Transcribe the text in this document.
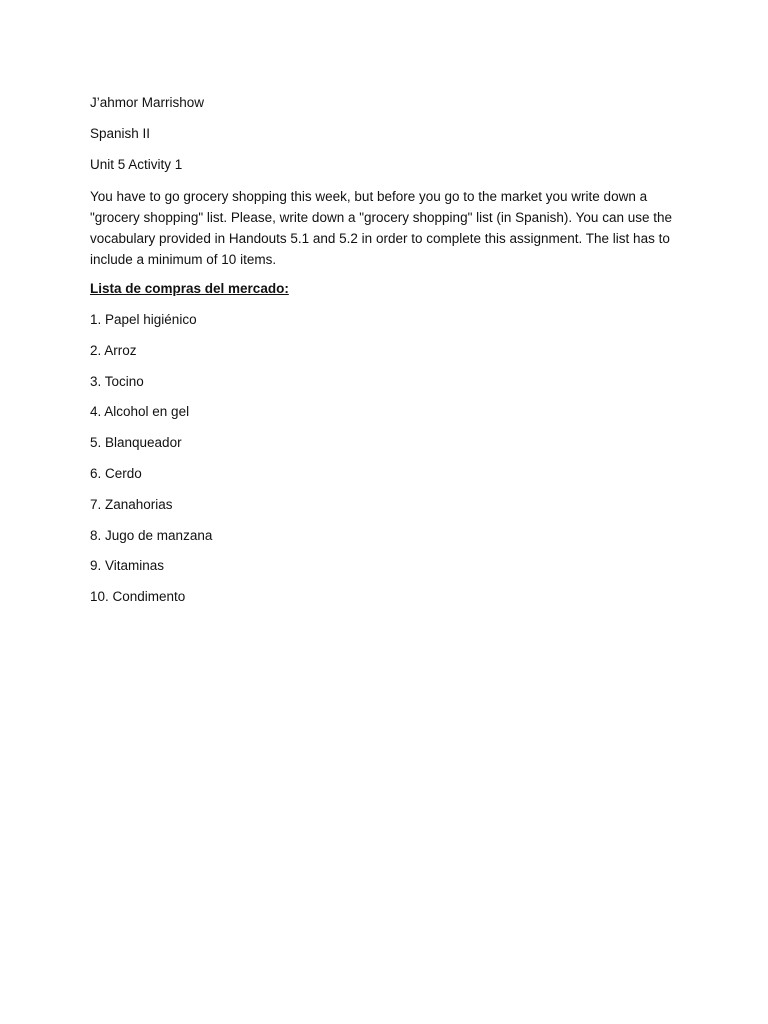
J’ahmor Marrishow

Spanish II

Unit 5 Activity 1

You have to go grocery shopping this week, but before you go to the market you write down a "grocery shopping" list. Please, write down a "grocery shopping" list (in Spanish). You can use the vocabulary provided in Handouts 5.1 and 5.2 in order to complete this assignment. The list has to include a minimum of 10 items.

Lista de compras del mercado:

1. Papel higiénico
2. Arroz
3. Tocino
4. Alcohol en gel
5. Blanqueador
6. Cerdo
7. Zanahorias
8. Jugo de manzana
9. Vitaminas
10. Condimento
